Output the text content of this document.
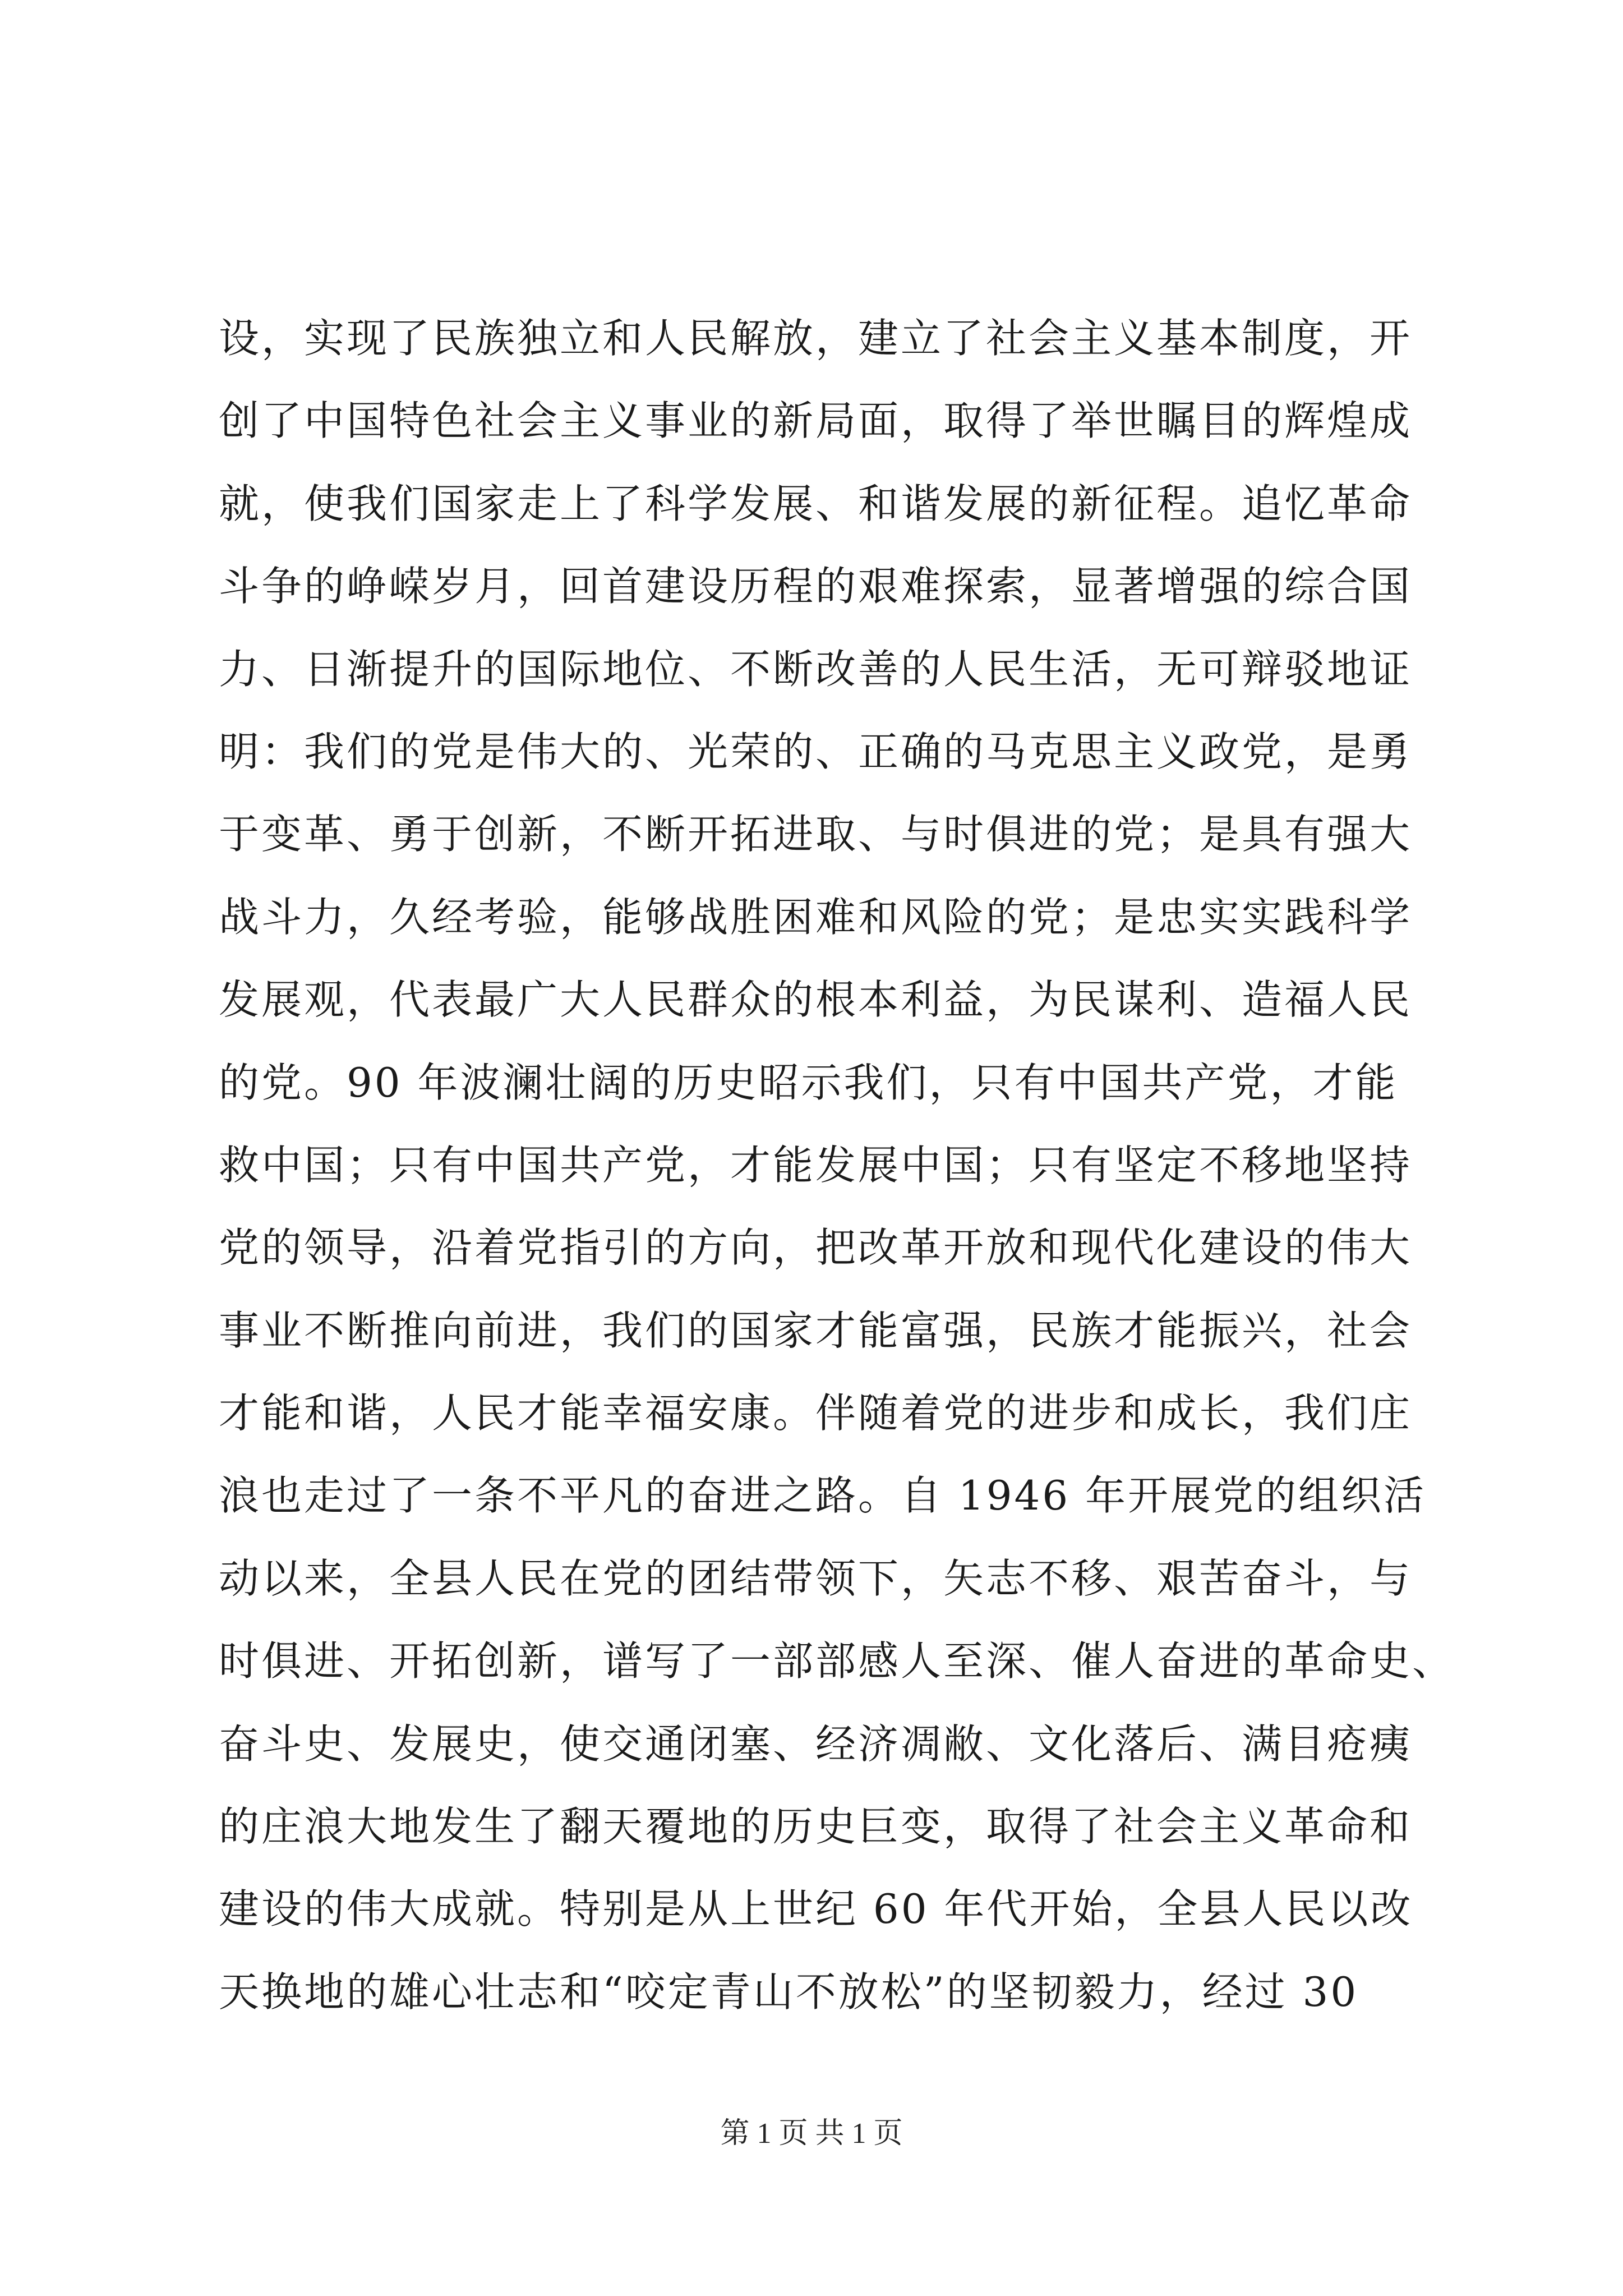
设，实现了民族独立和人民解放，建立了社会主义基本制度，开
创了中国特色社会主义事业的新局面，取得了举世瞩目的辉煌成
就，使我们国家走上了科学发展、和谐发展的新征程。追忆革命
斗争的峥嵘岁月，回首建设历程的艰难探索，显著增强的综合国
力、日渐提升的国际地位、不断改善的人民生活，无可辩驳地证
明：我们的党是伟大的、光荣的、正确的马克思主义政党，是勇
于变革、勇于创新，不断开拓进取、与时俱进的党；是具有强大
战斗力，久经考验，能够战胜困难和风险的党；是忠实实践科学
发展观，代表最广大人民群众的根本利益，为民谋利、造福人民
的党。90 年波澜壮阔的历史昭示我们，只有中国共产党，才能
救中国；只有中国共产党，才能发展中国；只有坚定不移地坚持
党的领导，沿着党指引的方向，把改革开放和现代化建设的伟大
事业不断推向前进，我们的国家才能富强，民族才能振兴，社会
才能和谐，人民才能幸福安康。伴随着党的进步和成长，我们庄
浪也走过了一条不平凡的奋进之路。自 1946 年开展党的组织活
动以来，全县人民在党的团结带领下，矢志不移、艰苦奋斗，与
时俱进、开拓创新，谱写了一部部感人至深、催人奋进的革命史、
奋斗史、发展史，使交通闭塞、经济凋敝、文化落后、满目疮痍
的庄浪大地发生了翻天覆地的历史巨变，取得了社会主义革命和
建设的伟大成就。特别是从上世纪 60 年代开始，全县人民以改
天换地的雄心壮志和“咬定青山不放松”的坚韧毅力，经过 30
第 1 页 共 1 页
